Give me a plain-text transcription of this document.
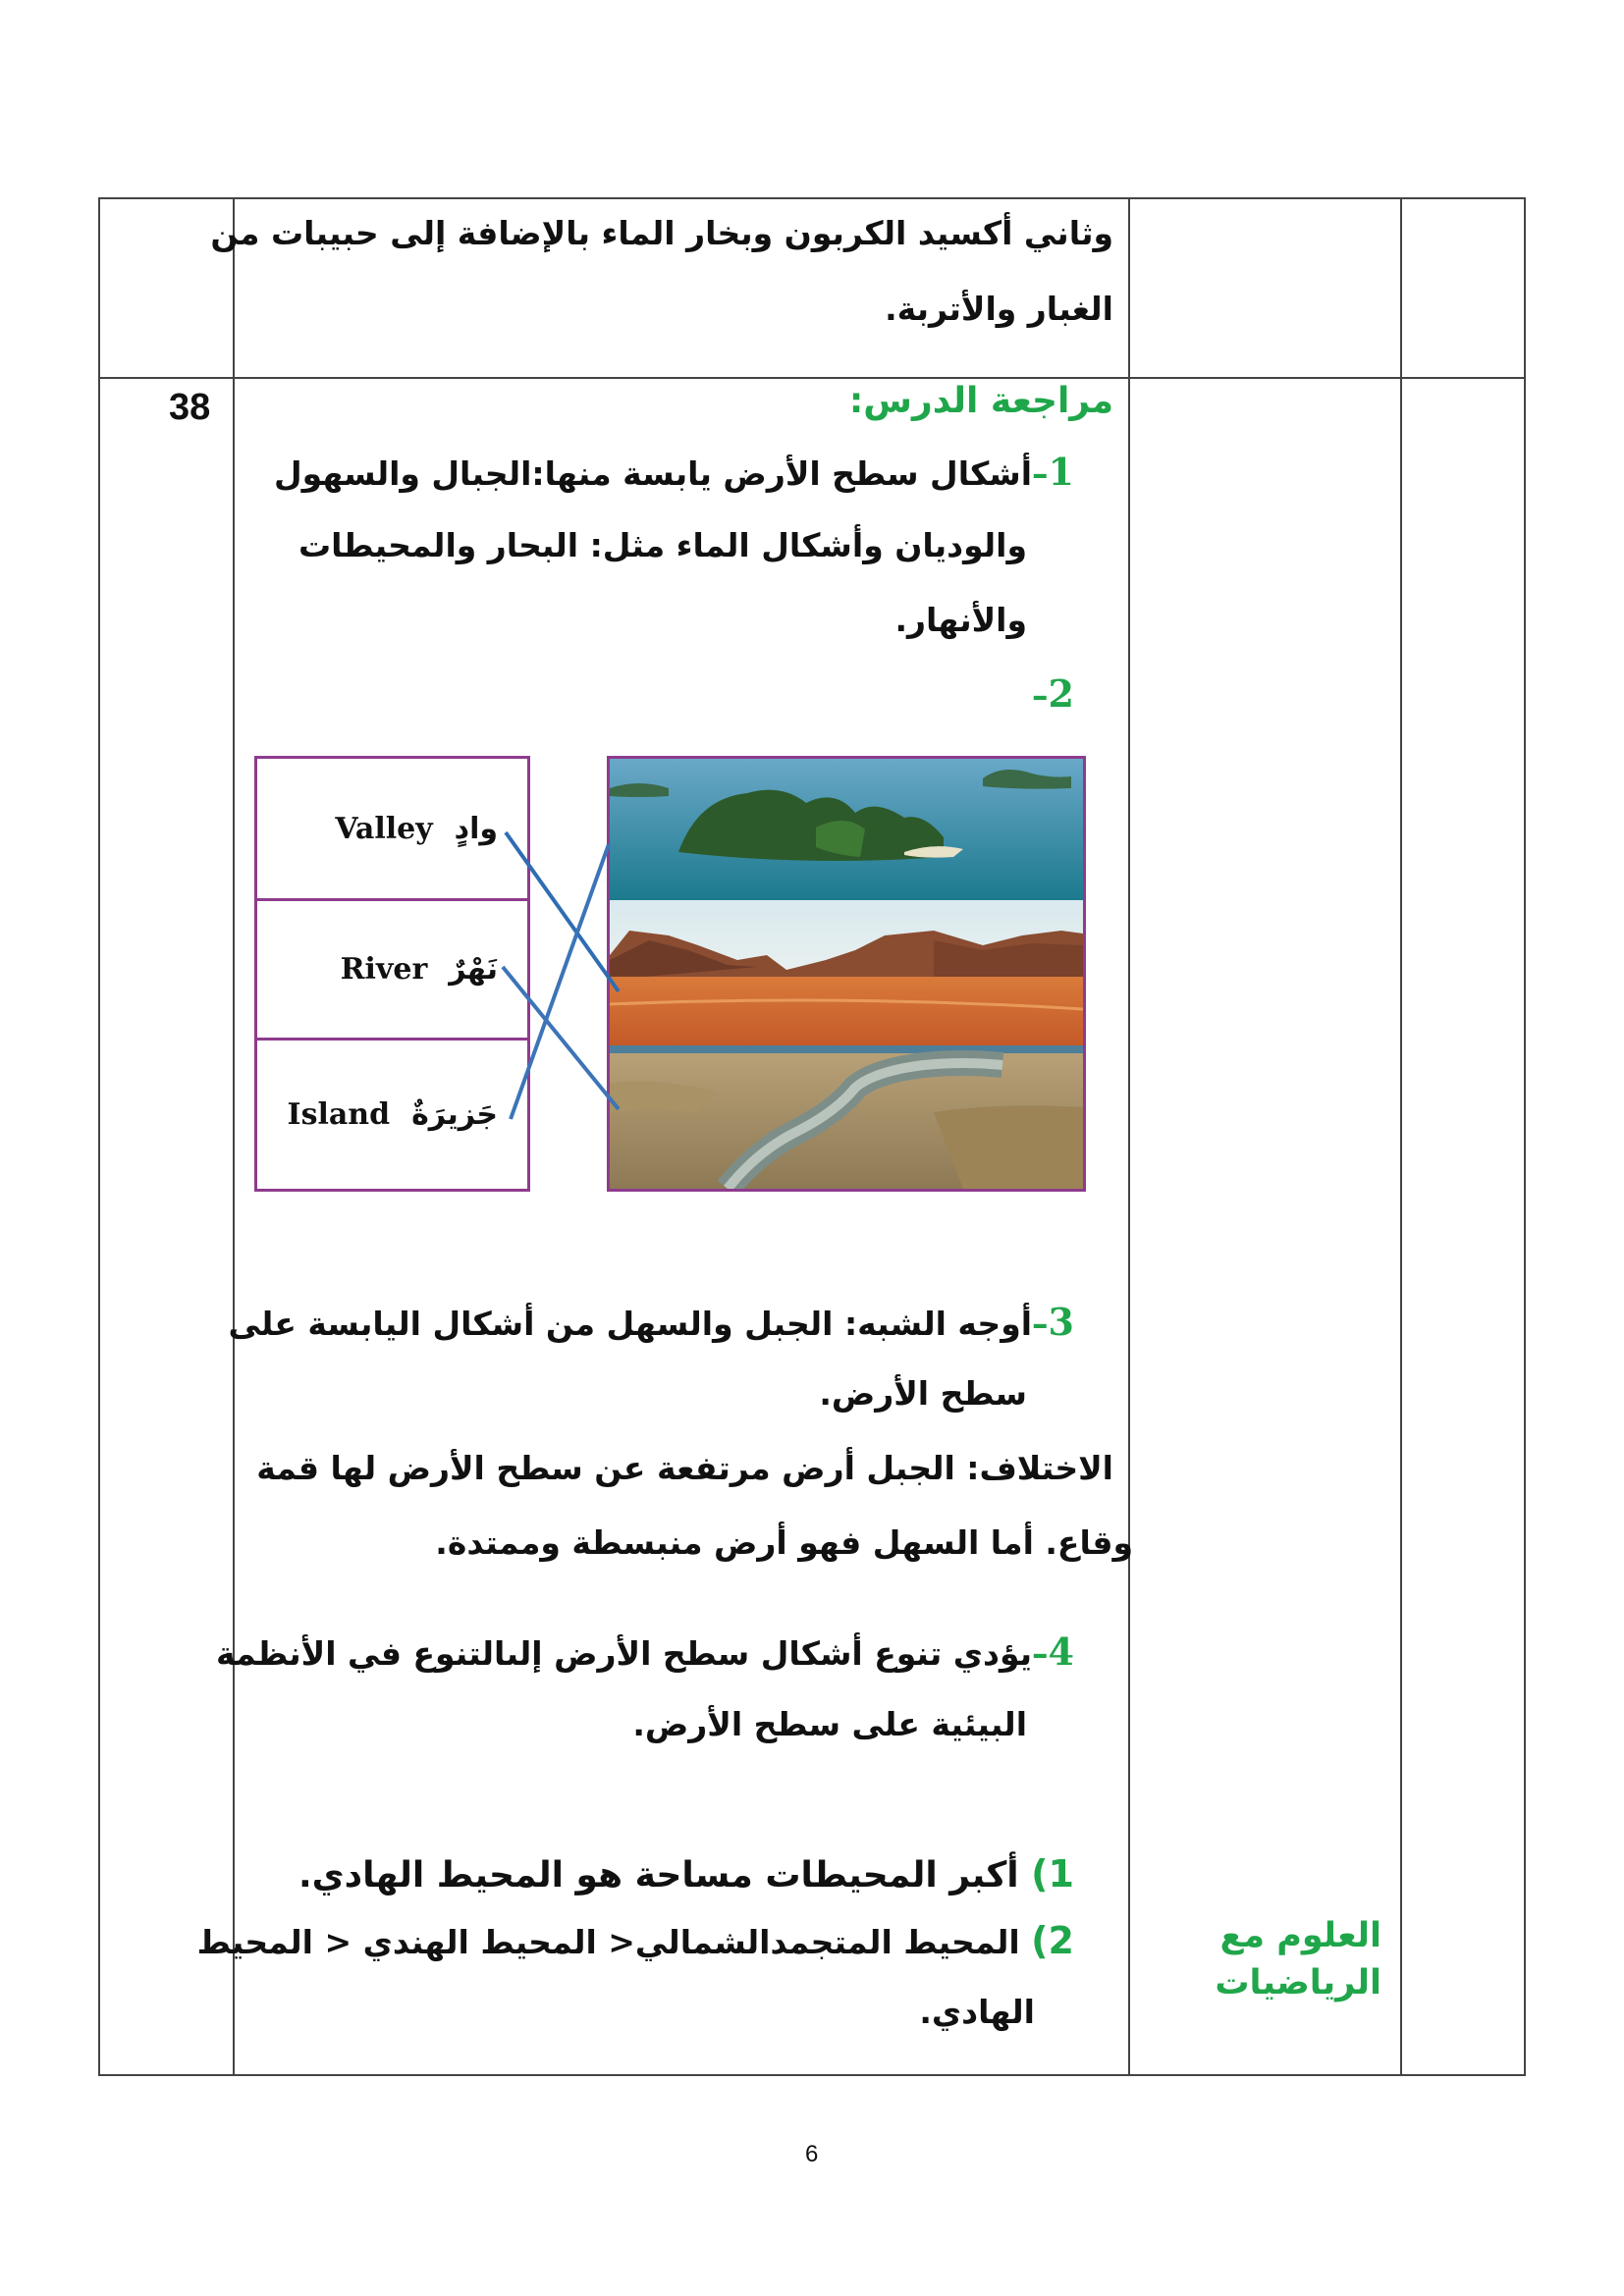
وثاني أكسيد الكربون وبخار الماء بالإضافة إلى حبيبات من
الغبار والأتربة.
38	مراجعة الدرس:
1–أشكال سطح الأرض يابسة منها:الجبال والسهول
والوديان وأشكال الماء مثل: البحار والمحيطات
والأنهار.
2–
Valley وادٍ
River نَهْرٌ
Island جَزيرَةٌ
3–أوجه الشبه: الجبل والسهل من أشكال اليابسة على
سطح الأرض.
الاختلاف: الجبل أرض مرتفعة عن سطح الأرض لها قمة
وقاع. أما السهل فهو أرض منبسطة وممتدة.
4–يؤدي تنوع أشكال سطح الأرض إلىالتنوع في الأنظمة
البيئية على سطح الأرض.
1) أكبر المحيطات مساحة هو المحيط الهادي.
2) المحيط المتجمدالشمالي< المحيط الهندي < المحيط
الهادي.
العلوم مع
الرياضيات
6
